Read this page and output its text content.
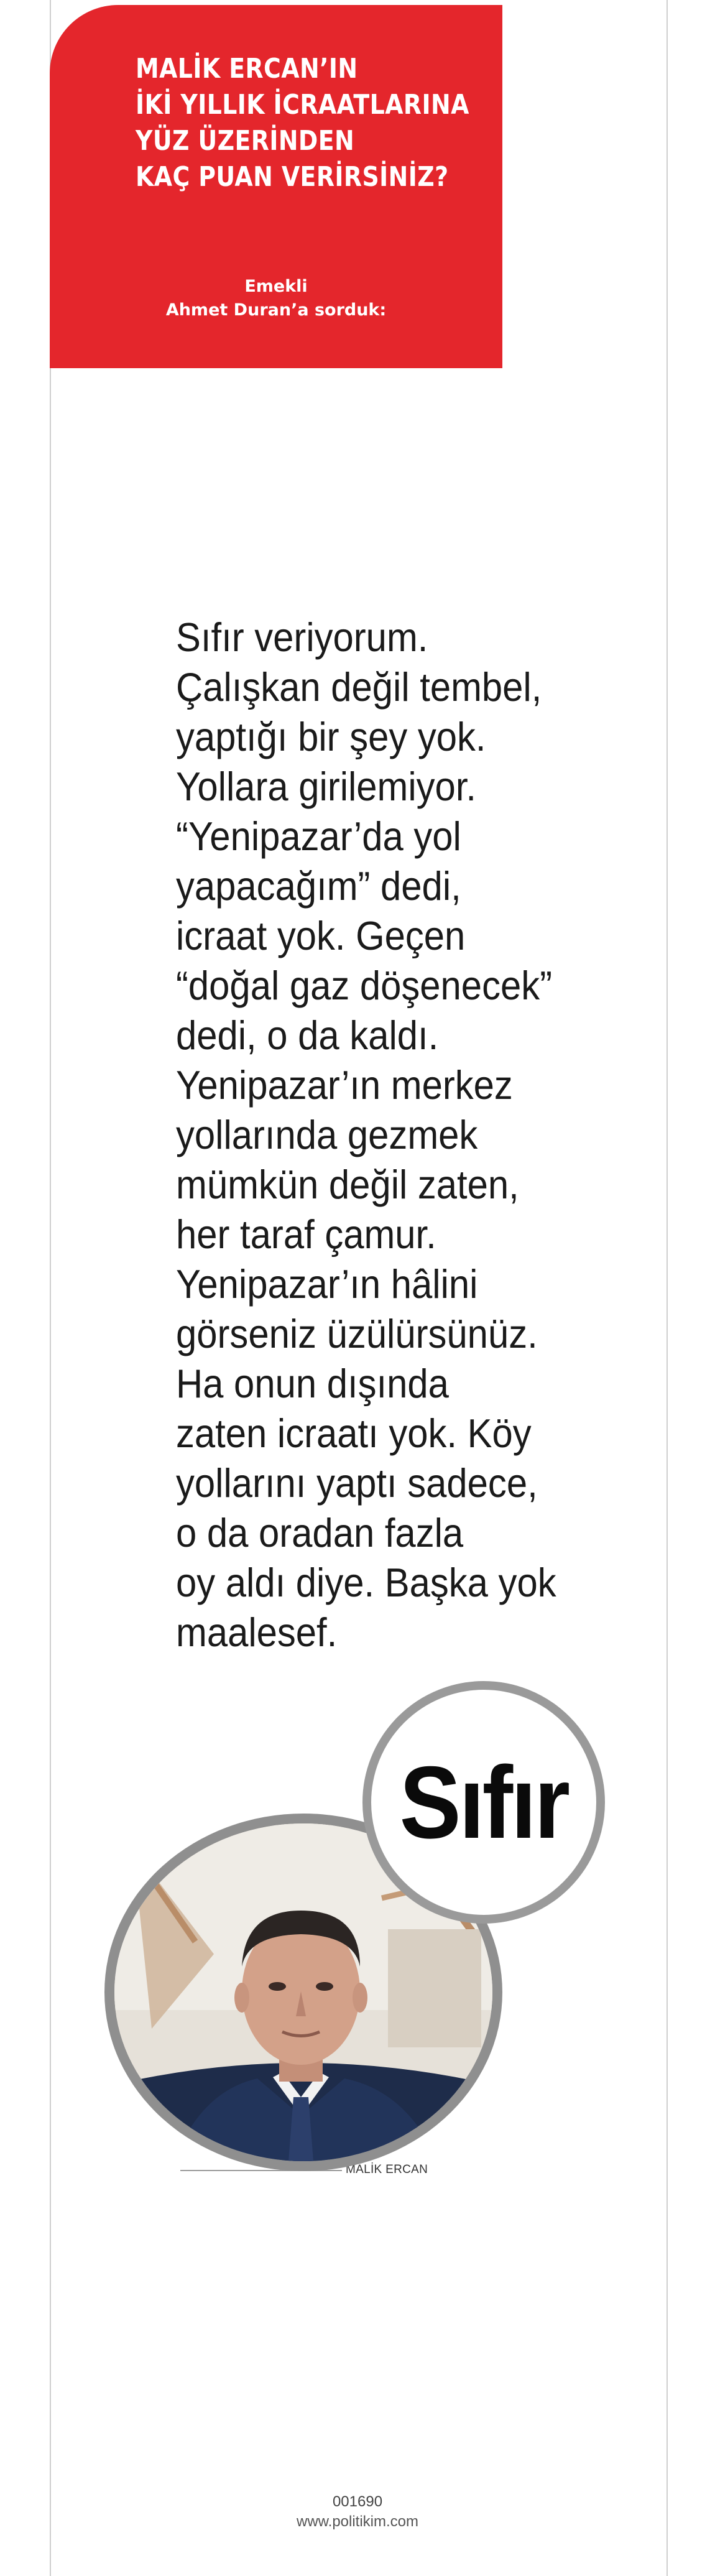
MALİK ERCAN’IN
İKİ YILLIK İCRAATLARINA
YÜZ ÜZERİNDEN
KAÇ PUAN VERİRSİNİZ?
Emekli
Ahmet Duran’a sorduk:
Sıfır veriyorum.
Çalışkan değil tembel,
yaptığı bir şey yok.
Yollara girilemiyor.
“Yenipazar’da yol
yapacağım” dedi,
icraat yok. Geçen
“doğal gaz döşenecek”
dedi, o da kaldı.
Yenipazar’ın merkez
yollarında gezmek
mümkün değil zaten,
her taraf çamur.
Yenipazar’ın hâlini
görseniz üzülürsünüz.
Ha onun dışında
zaten icraatı yok. Köy
yollarını yaptı sadece,
o da oradan fazla
oy aldı diye. Başka yok
maalesef.
Sıfır
MALİK ERCAN
001690
www.politikim.com
